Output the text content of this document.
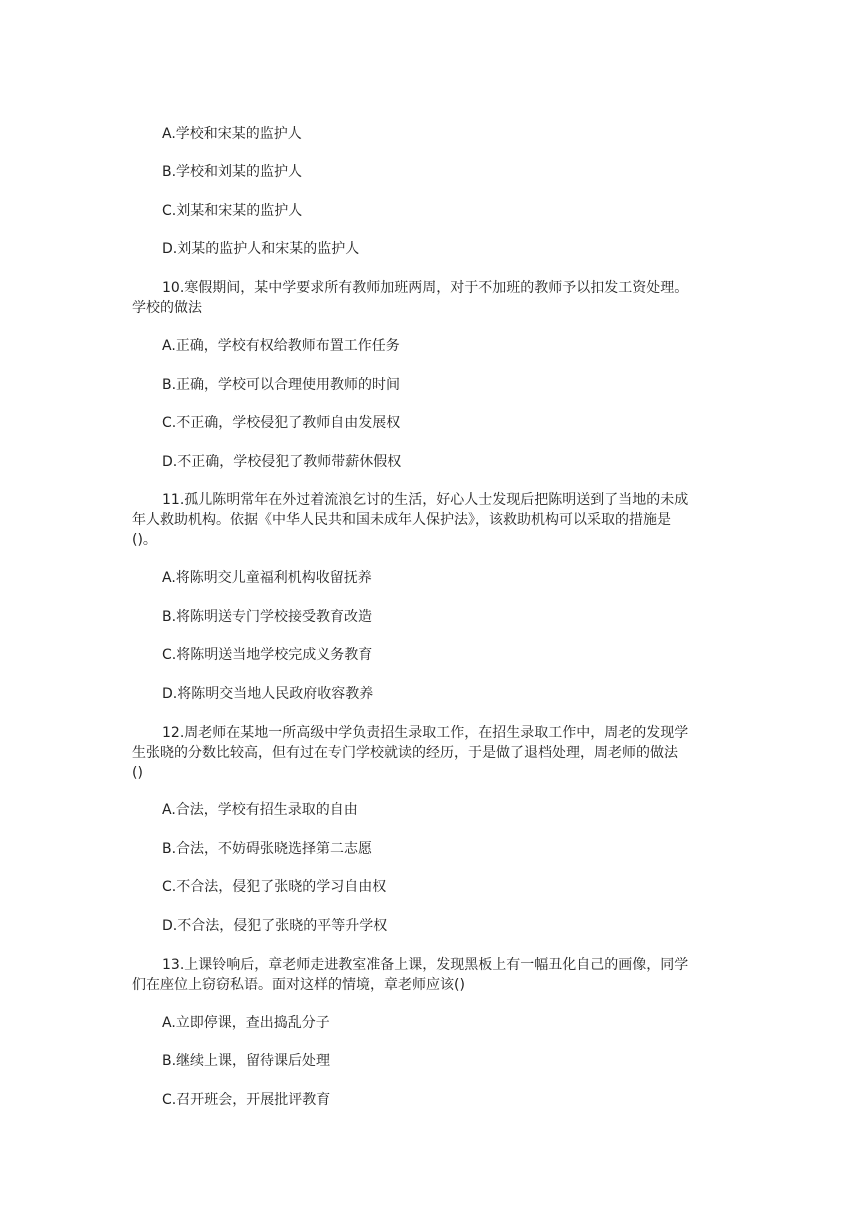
A.学校和宋某的监护人
B.学校和刘某的监护人
C.刘某和宋某的监护人
D.刘某的监护人和宋某的监护人
10.寒假期间，某中学要求所有教师加班两周，对于不加班的教师予以扣发工资处理。
学校的做法
A.正确，学校有权给教师布置工作任务
B.正确，学校可以合理使用教师的时间
C.不正确，学校侵犯了教师自由发展权
D.不正确，学校侵犯了教师带薪休假权
11.孤儿陈明常年在外过着流浪乞讨的生活，好心人士发现后把陈明送到了当地的未成
年人救助机构。依据《中华人民共和国未成年人保护法》，该救助机构可以采取的措施是
()。
A.将陈明交儿童福利机构收留抚养
B.将陈明送专门学校接受教育改造
C.将陈明送当地学校完成义务教育
D.将陈明交当地人民政府收容教养
12.周老师在某地一所高级中学负责招生录取工作，在招生录取工作中，周老的发现学
生张晓的分数比较高，但有过在专门学校就读的经历，于是做了退档处理，周老师的做法
()
A.合法，学校有招生录取的自由
B.合法，不妨碍张晓选择第二志愿
C.不合法，侵犯了张晓的学习自由权
D.不合法，侵犯了张晓的平等升学权
13.上课铃响后，章老师走进教室准备上课，发现黑板上有一幅丑化自己的画像，同学
们在座位上窃窃私语。面对这样的情境，章老师应该()
A.立即停课，查出捣乱分子
B.继续上课，留待课后处理
C.召开班会，开展批评教育
